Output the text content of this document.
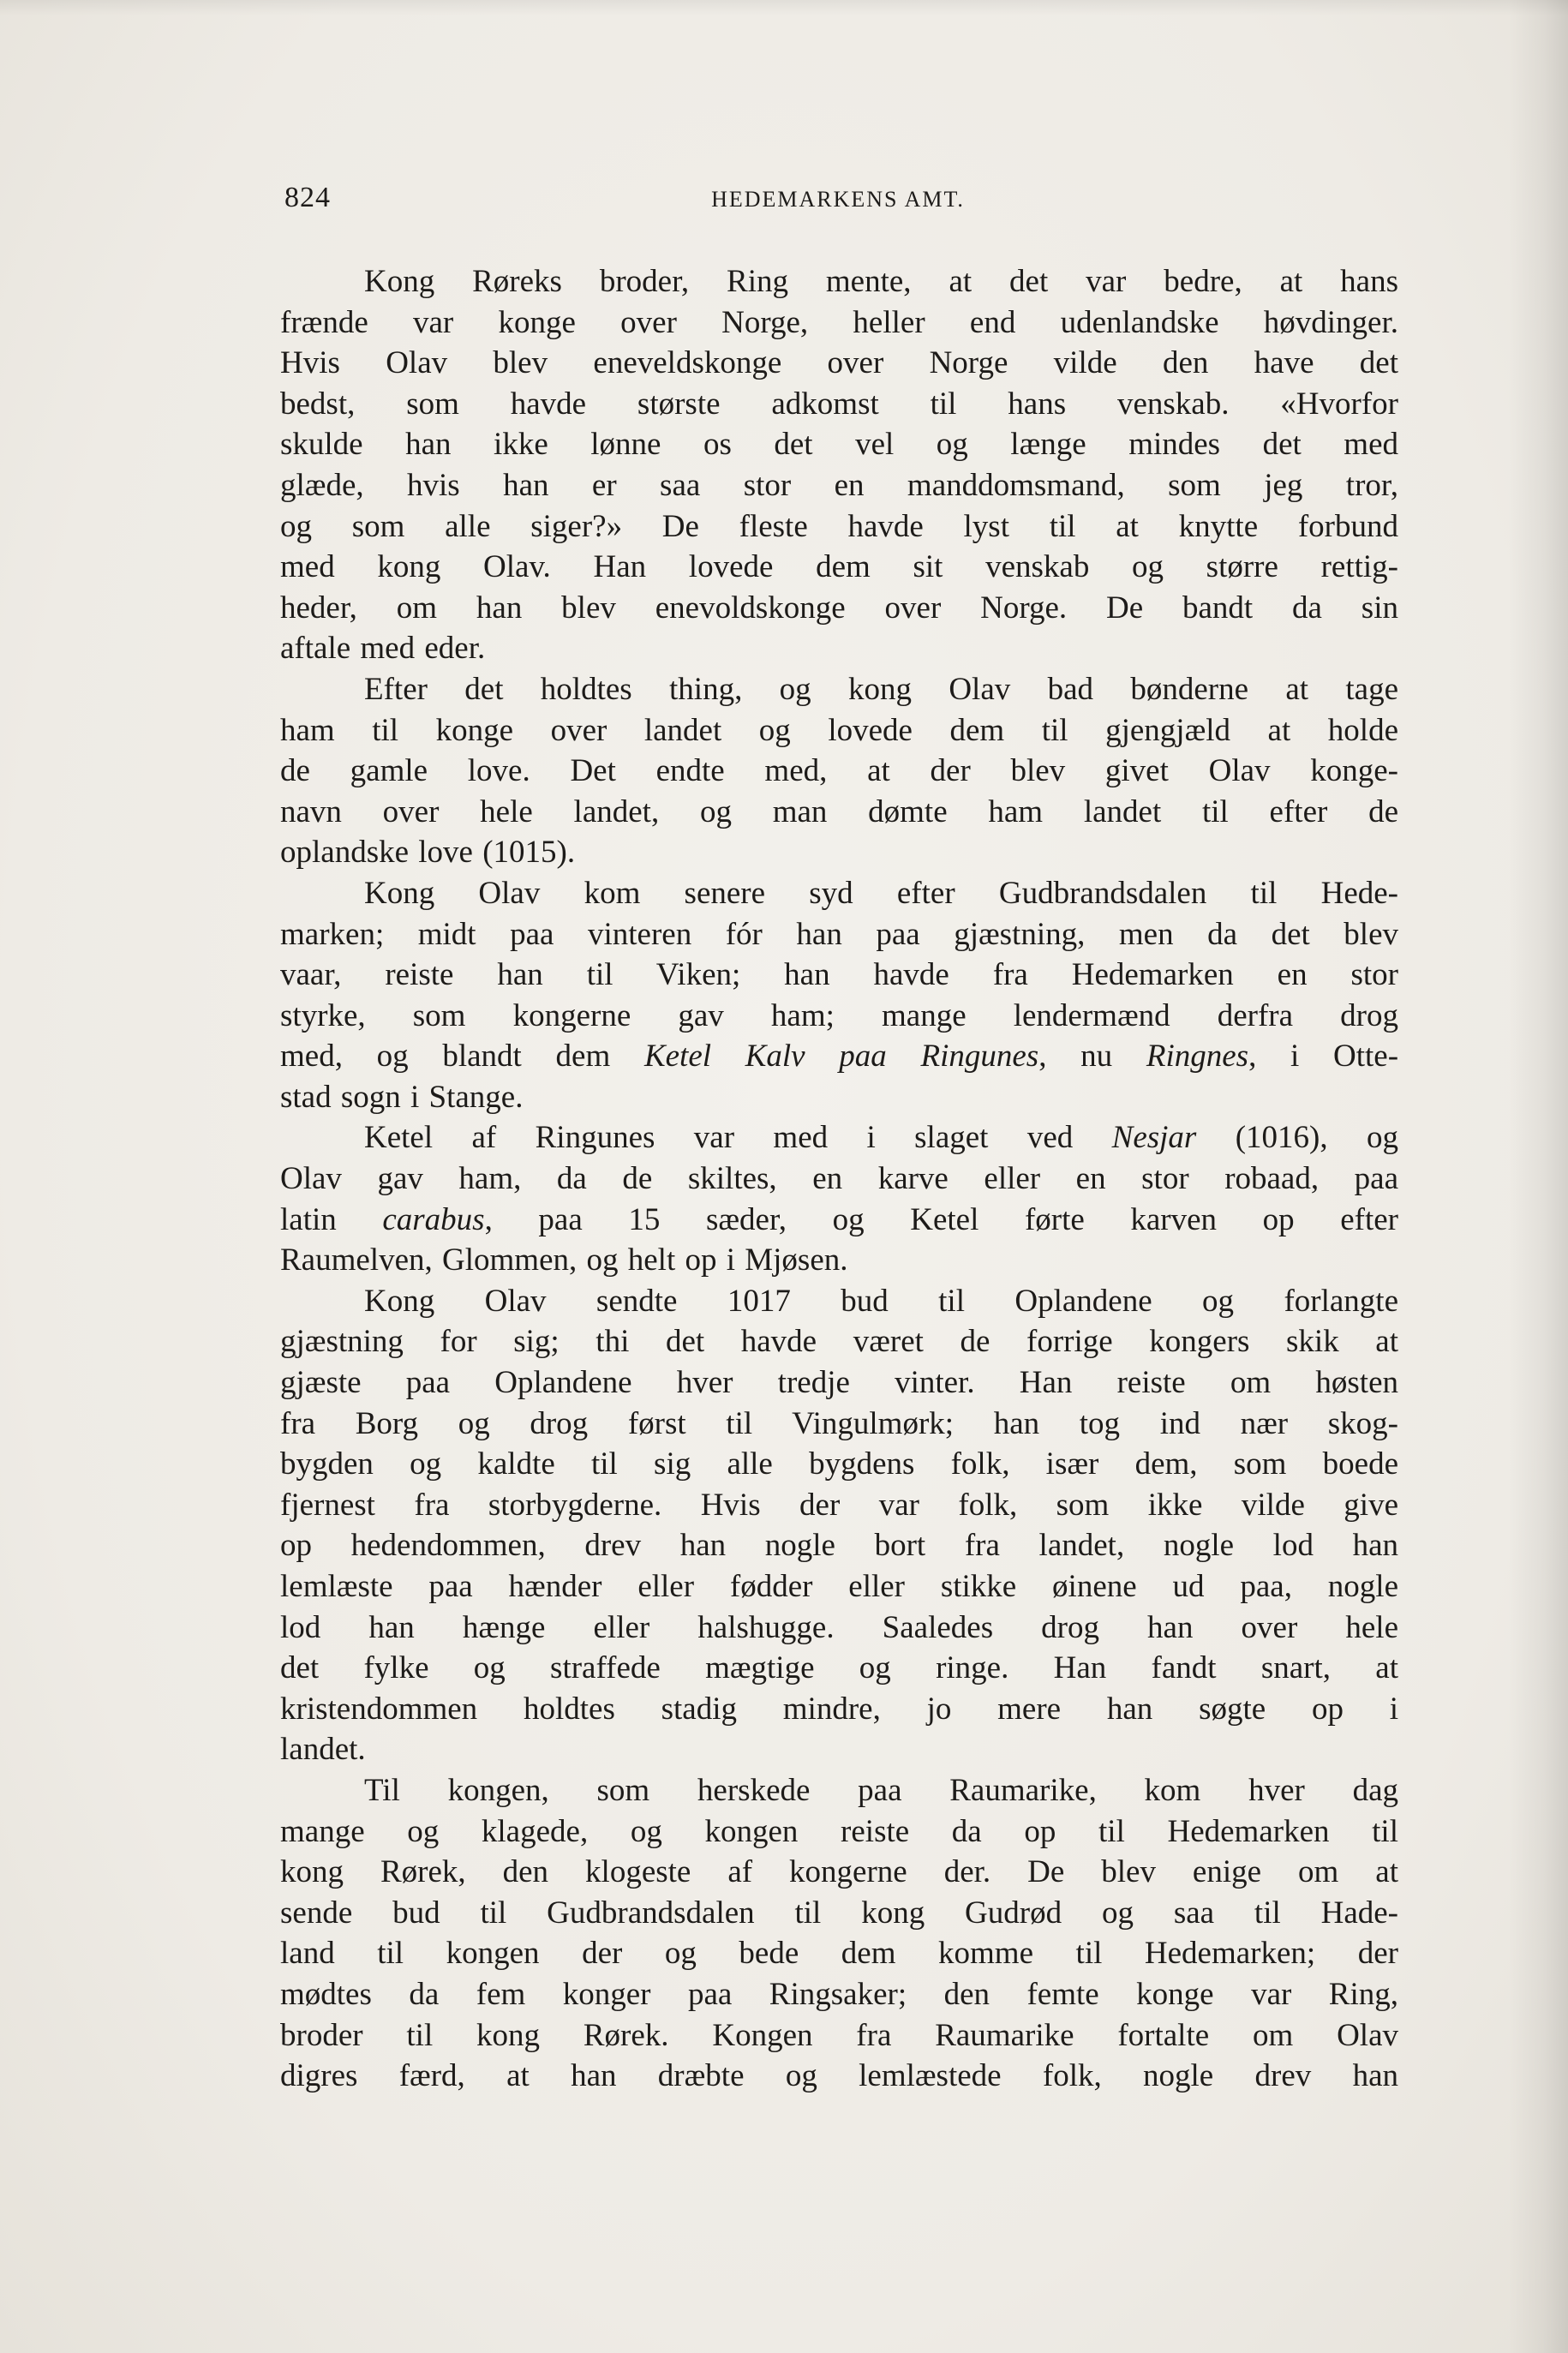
824	HEDEMARKENS AMT.
Kong Røreks broder, Ring mente, at det var bedre, at hans
frænde var konge over Norge, heller end udenlandske høvdinger.
Hvis Olav blev eneveldskonge over Norge vilde den have det
bedst, som havde største adkomst til hans venskab. «Hvorfor
skulde han ikke lønne os det vel og længe mindes det med
glæde, hvis han er saa stor en manddomsmand, som jeg tror,
og som alle siger?» De fleste havde lyst til at knytte forbund
med kong Olav. Han lovede dem sit venskab og større rettig-
heder, om han blev enevoldskonge over Norge. De bandt da sin
aftale med eder.
Efter det holdtes thing, og kong Olav bad bønderne at tage
ham til konge over landet og lovede dem til gjengjæld at holde
de gamle love. Det endte med, at der blev givet Olav konge-
navn over hele landet, og man dømte ham landet til efter de
oplandske love (1015).
Kong Olav kom senere syd efter Gudbrandsdalen til Hede-
marken; midt paa vinteren fór han paa gjæstning, men da det blev
vaar, reiste han til Viken; han havde fra Hedemarken en stor
styrke, som kongerne gav ham; mange lendermænd derfra drog
med, og blandt dem Ketel Kalv paa Ringunes, nu Ringnes, i Otte-
stad sogn i Stange.
Ketel af Ringunes var med i slaget ved Nesjar (1016), og
Olav gav ham, da de skiltes, en karve eller en stor robaad, paa
latin carabus, paa 15 sæder, og Ketel førte karven op efter
Raumelven, Glommen, og helt op i Mjøsen.
Kong Olav sendte 1017 bud til Oplandene og forlangte
gjæstning for sig; thi det havde været de forrige kongers skik at
gjæste paa Oplandene hver tredje vinter. Han reiste om høsten
fra Borg og drog først til Vingulmørk; han tog ind nær skog-
bygden og kaldte til sig alle bygdens folk, især dem, som boede
fjernest fra storbygderne. Hvis der var folk, som ikke vilde give
op hedendommen, drev han nogle bort fra landet, nogle lod han
lemlæste paa hænder eller fødder eller stikke øinene ud paa, nogle
lod han hænge eller halshugge. Saaledes drog han over hele
det fylke og straffede mægtige og ringe. Han fandt snart, at
kristendommen holdtes stadig mindre, jo mere han søgte op i
landet.
Til kongen, som herskede paa Raumarike, kom hver dag
mange og klagede, og kongen reiste da op til Hedemarken til
kong Rørek, den klogeste af kongerne der. De blev enige om at
sende bud til Gudbrandsdalen til kong Gudrød og saa til Hade-
land til kongen der og bede dem komme til Hedemarken; der
mødtes da fem konger paa Ringsaker; den femte konge var Ring,
broder til kong Rørek. Kongen fra Raumarike fortalte om Olav
digres færd, at han dræbte og lemlæstede folk, nogle drev han
